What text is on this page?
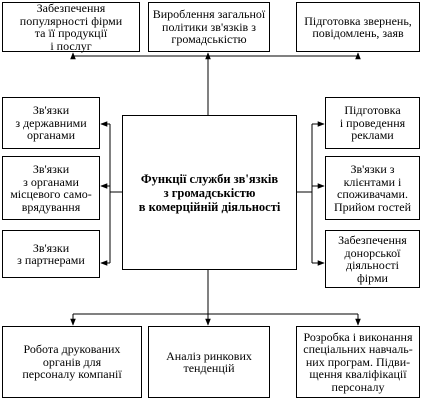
Забезпечення
популярності фірми
та її продукції
і послуг
Вироблення загальної
політики зв'язків з
громадськістю
Підготовка звернень,
повідомлень, заяв
Зв'язки
з державними
органами
Зв'язки
з органами
місцевого само-
врядування
Зв'язки
з партнерами
Функції служби зв'язків
з громадськістю
в комерційній діяльності
Підготовка
і проведення
реклами
Зв'язки з
клієнтами і
споживачами.
Прийом гостей
Забезпечення
донорської
діяльності
фірми
Робота друкованих
органів для
персоналу компанії
Аналіз ринкових
тенденцій
Розробка і виконання
спеціальних навчаль-
них програм. Підви-
щення кваліфікації
персоналу
